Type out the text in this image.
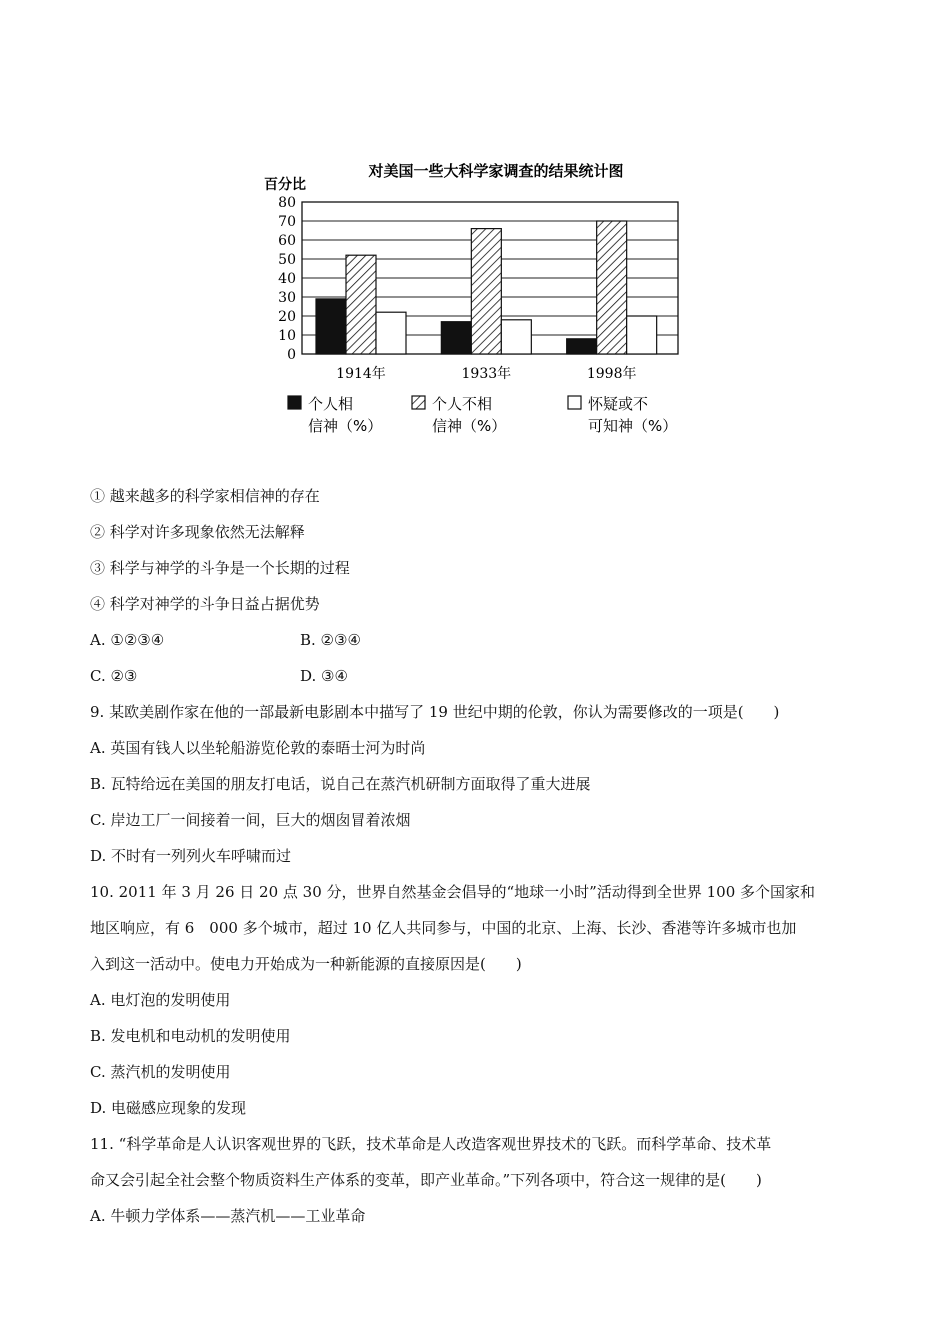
对美国一些大科学家调查的结果统计图
百分比
0
10
20
30
40
50
60
70
80
1914年	1933年	1998年
个人相
信神（%）
个人不相
信神（%）
怀疑或不
可知神（%）
① 越来越多的科学家相信神的存在
② 科学对许多现象依然无法解释
③ 科学与神学的斗争是一个长期的过程
④ 科学对神学的斗争日益占据优势
A. ①②③④	B. ②③④
C. ②③	D. ③④
9. 某欧美剧作家在他的一部最新电影剧本中描写了 19 世纪中期的伦敦，你认为需要修改的一项是(　　)
A. 英国有钱人以坐轮船游览伦敦的泰晤士河为时尚
B. 瓦特给远在美国的朋友打电话，说自己在蒸汽机研制方面取得了重大进展
C. 岸边工厂一间接着一间，巨大的烟囱冒着浓烟
D. 不时有一列列火车呼啸而过
10. 2011 年 3 月 26 日 20 点 30 分，世界自然基金会倡导的“地球一小时”活动得到全世界 100 多个国家和
地区响应，有 6　000 多个城市，超过 10 亿人共同参与，中国的北京、上海、长沙、香港等许多城市也加
入到这一活动中。使电力开始成为一种新能源的直接原因是(　　)
A. 电灯泡的发明使用
B. 发电机和电动机的发明使用
C. 蒸汽机的发明使用
D. 电磁感应现象的发现
11. “科学革命是人认识客观世界的飞跃，技术革命是人改造客观世界技术的飞跃。而科学革命、技术革
命又会引起全社会整个物质资料生产体系的变革，即产业革命。”下列各项中，符合这一规律的是(　　)
A. 牛顿力学体系——蒸汽机——工业革命
